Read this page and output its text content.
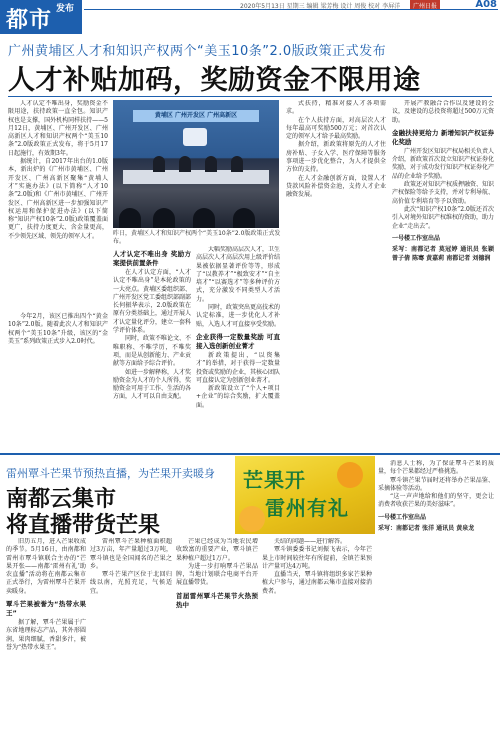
都市 发布	2020年5月13日 星期三 编辑 梁芳梅 设计 周俊 校对 李屏洋	广州日报	A08
广州黄埔区人才和知识产权两个“美玉10条”2.0版政策正式发布
人才补贴加码，奖励资金不限用途

人才认定不唯出身，奖励资金不限用途，扶持政策一直全包。知识产权也是支撑，国外机构同样扶持——5月12日，黄埔区、广州开发区、广州高新区人才和知识产权两个“美玉10条”2.0版政策正式发布，将于5月17日起施行，有效期3年。

据统计，自2017年出台的1.0版本，新出炉的《广州市黄埔区、广州开发区、广州高新区聚集“黄埔人才”实施办法》(以下简称“人才10条”2.0版)和《广州市黄埔区、广州开发区、广州高新区进一步加强知识产权运用和保护促进办法》(以下简称“知识产权10条”2.0版)政策覆盖面更广，扶持力度更大、含金量更高，不少领先区域、领先的领军人才。

今年2月，该区已推出四个“黄金10条”2.0版。随着此次人才和知识产权两个“美玉10条”升级，该区的“金美玉”系列政策正式步入2.0时代。

黄埔区 广州开发区 广州高新区
昨日，黄埔区人才和知识产权两个“美玉10条”2.0版政策正式发布。

人才认定不唯出身 奖励方案提供前置条件

在人才认定方面，“人才认定不唯出身”是本轮政策的一大亮点。黄埔区委组织部、广州开发区党工委组织部副部长何振华表示，2.0版政策在原有分类基础上，通过开展人才认定量化评分，建立一套科学评价体系。

同时，政策不唯论文、不唯职称、不唯学历，不唯奖项，而是从创新能力、产业贡献等方面给予综合评价。

如进一步解释称，人才奖励资金为人才的个人所得，奖励资金可用于工作、生活的各方面，人才可以自由支配。

大幅奖励高层次人才，卫生高层次人才高层次用上级评价结果被依据显著评价等等，形成了“以教养才”“极致安才”“自主培才”“以赛选才”等多种评价方式，充分激发不同类型人才活力。

同时，政策突出更高技术的认定标准，进一步优化人才补贴，入选人才可直接享受奖励。

企业获得一定数量奖励 可直接入选创新创业菁才

新政策提出，“以资集才”的举措，对于获得一定数量投资或奖励的企业，其核心团队可直接认定为创新创业菁才。

新政策设立了“个人+项目+企业”的综合奖励，扩大覆盖面。

式扶持，精准对接人才各项需求。

在个人扶持方面，对高层次人才每年最高可奖励500万元；对首次认定的领军人才给予最高奖励。

据介绍，新政策将原先的人才住房补贴、子女入学、医疗保障等服务事项进一步优化整合，为人才提供全方位的支持。

在人才金融创新方面，设置人才贷款风险补偿资金池，支持人才企业融资发展。

开展产教融合合作以及建设的会议，及建设的总投资将超过500万元资助。

金融扶持更给力 新增知识产权证券化奖励

广州开发区知识产权局相关负责人介绍，新政策首次设立知识产权证券化奖励，对于成功发行知识产权证券化产品的企业给予奖励。

政策还对知识产权质押融资、知识产权保险等给予支持，并对专利导航、高价值专利培育等予以资助。

此次“知识产权10条”2.0版还首次引入对境外知识产权维权的资助，助力企业“走出去”。

一号楼工作室出品

采写：南都记者 莫冠婷 通讯员 张颖 曾子倩 陈骞 黄嘉莉 南都记者 刘德润

雷州覃斗芒果节预热直播，为芒果开卖暖身
南都云集市
将直播带货芒果
芒果开
雷州有礼

旧历五月，进入芒果收成的季节。5月16日，由南都和雷州市覃斗镇联合主办的“芒果开张——南都‘雷州有礼’助农直播”活动将在南都云集市正式举行，为雷州覃斗芒果开卖暖身。

覃斗芒果被誉为“热带水果王”

据了解，覃斗芒果属于广东省地理标志产品，其外形圆润，果肉细腻，香甜多汁，被誉为“热带水果王”。

雷州覃斗芒果种植面积超过3万亩，年产量超过3万吨，覃斗镇也是全国闻名的芒果之乡。

覃斗芒果产区位于北回归线以南，光照充足，气候适宜。

芒果已经成为当地农民增收致富的重要产业，覃斗镇芒果种植户超过1万户。

为进一步打响覃斗芒果品牌，当地计划联合电商平台开展直播带货。

首届雷州覃斗芒果节火热预热中

关结的问题——进行解答。

覃斗镇委委书记刘振飞表示，今年芒果上市时间较往年有所提前，全镇芒果预计产量可达4万吨。

直播当天，覃斗镇将组织多家芒果种植大户参与，通过南都云集市直接对接消费者。

消息人士称，为了保证覃斗芒果的质量，每个芒果都经过严格挑选。

覃斗镇芒果节届时还将举办芒果品鉴、采摘体验等活动。

“这一声声地给和他们的坚守，更会让消费者收获芒果的美好滋味”。

一号楼工作室出品

采写：南都记者 张洋 通讯员 黄泉龙
